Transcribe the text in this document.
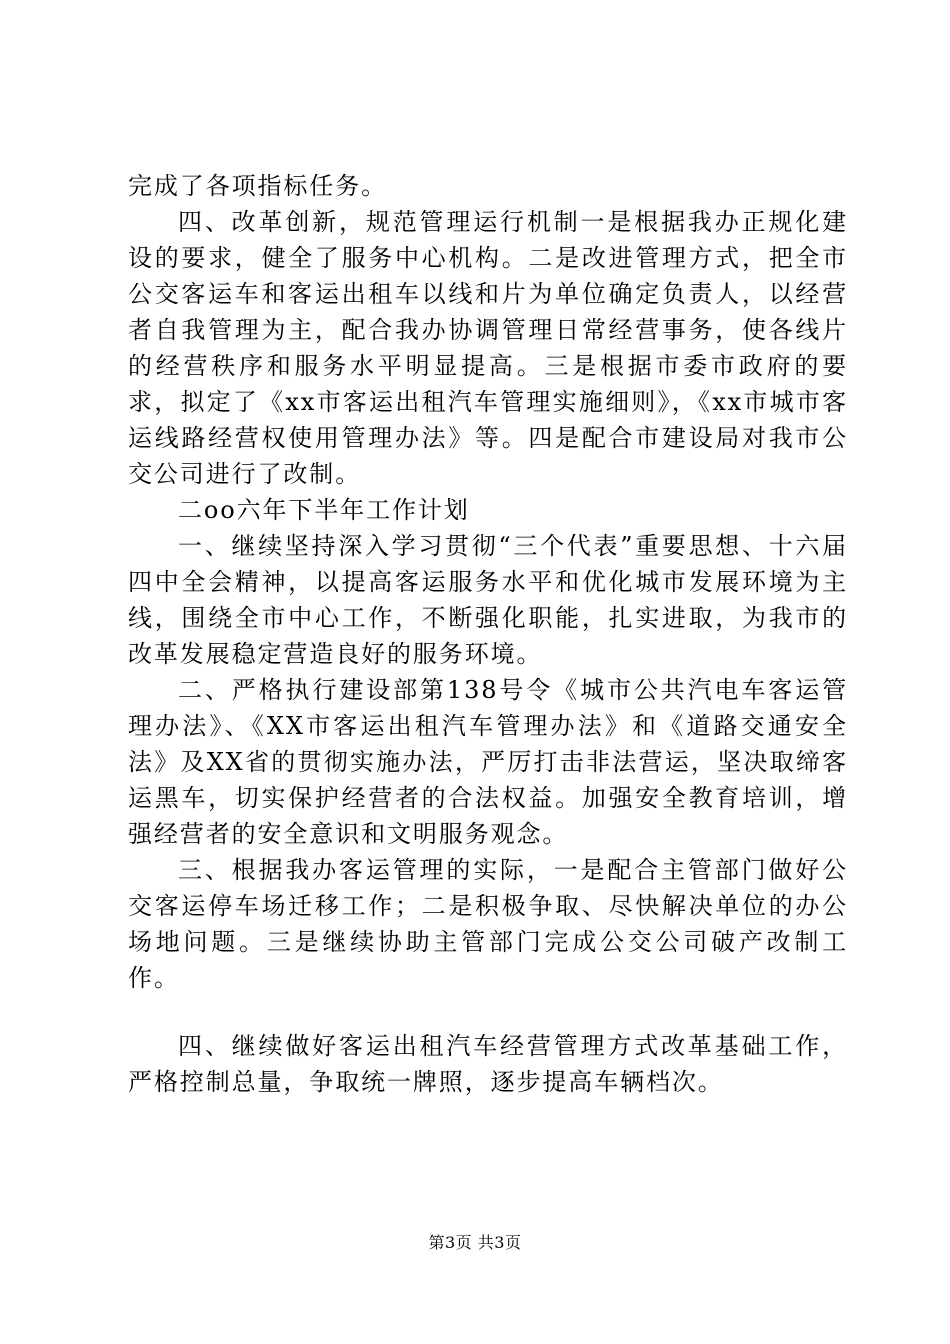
完成了各项指标任务。

四、改革创新，规范管理运行机制一是根据我办正规化建设的要求，健全了服务中心机构。二是改进管理方式，把全市公交客运车和客运出租车以线和片为单位确定负责人，以经营者自我管理为主，配合我办协调管理日常经营事务，使各线片的经营秩序和服务水平明显提高。三是根据市委市政府的要求，拟定了《xx市客运出租汽车管理实施细则》，《xx市城市客运线路经营权使用管理办法》等。四是配合市建设局对我市公交公司进行了改制。

二oo六年下半年工作计划

一、继续坚持深入学习贯彻“三个代表”重要思想、十六届四中全会精神，以提高客运服务水平和优化城市发展环境为主线，围绕全市中心工作，不断强化职能，扎实进取，为我市的改革发展稳定营造良好的服务环境。

二、严格执行建设部第138号令《城市公共汽电车客运管理办法》、《XX市客运出租汽车管理办法》和《道路交通安全法》及XX省的贯彻实施办法，严厉打击非法营运，坚决取缔客运黑车，切实保护经营者的合法权益。加强安全教育培训，增强经营者的安全意识和文明服务观念。

三、根据我办客运管理的实际，一是配合主管部门做好公交客运停车场迁移工作；二是积极争取、尽快解决单位的办公场地问题。三是继续协助主管部门完成公交公司破产改制工作。

四、继续做好客运出租汽车经营管理方式改革基础工作，严格控制总量，争取统一牌照，逐步提高车辆档次。

第3页 共3页
